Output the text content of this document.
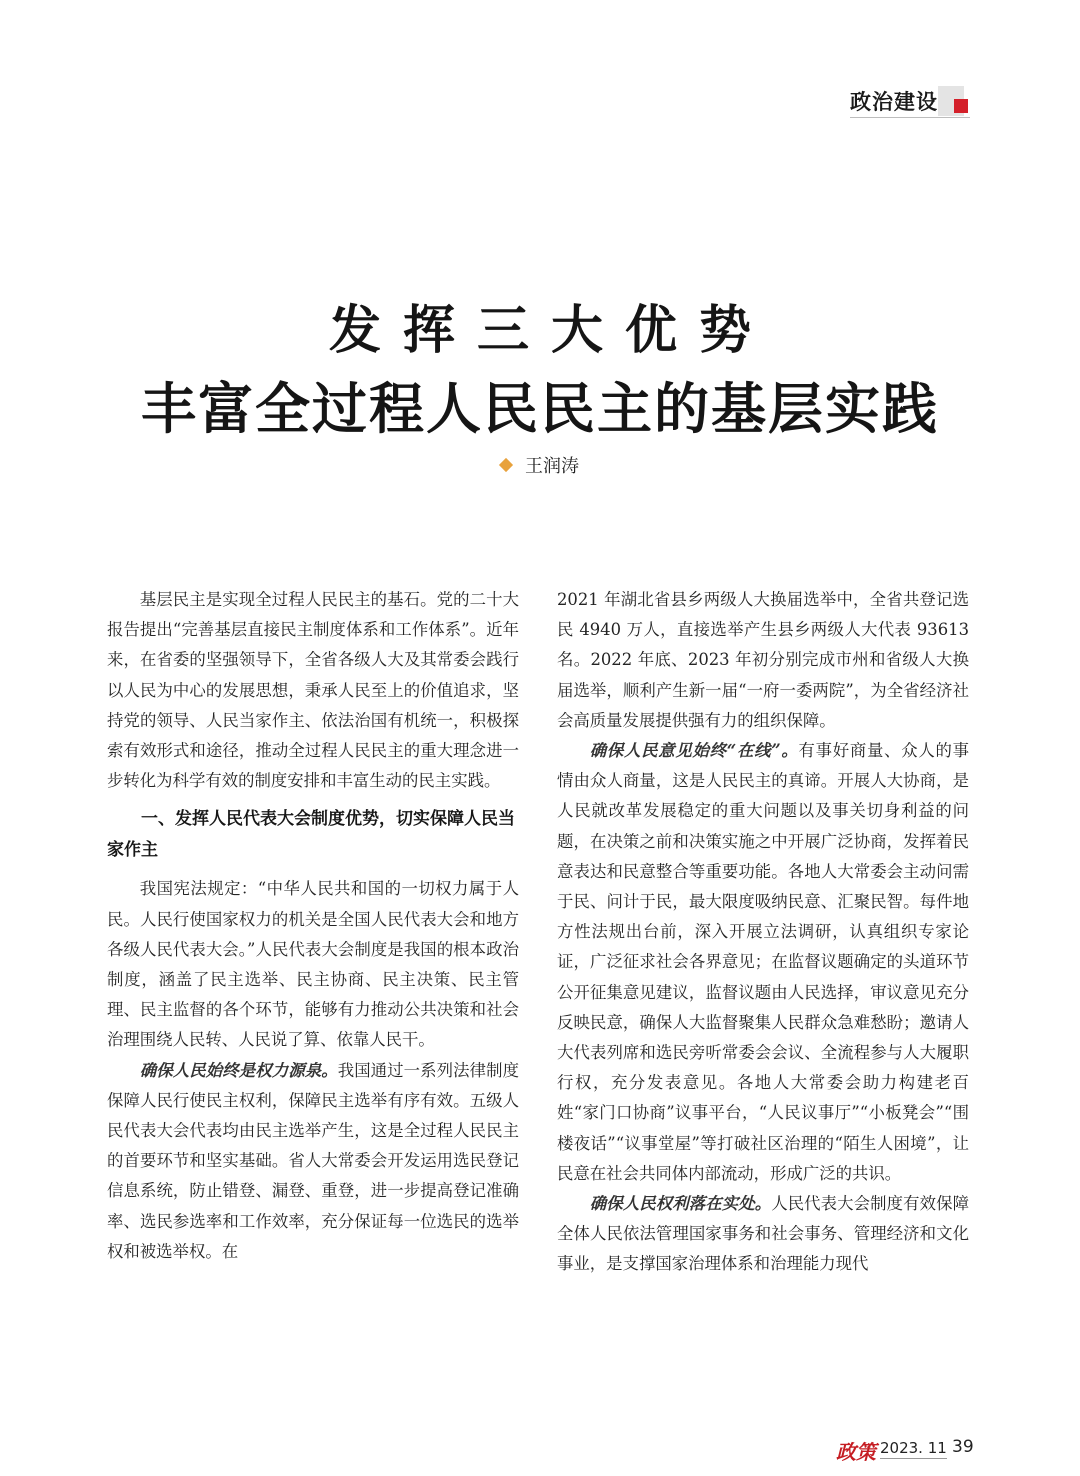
政治建设
发挥三大优势
丰富全过程人民民主的基层实践
王润涛

基层民主是实现全过程人民民主的基石。党的二十大报告提出“完善基层直接民主制度体系和工作体系”。近年来，在省委的坚强领导下，全省各级人大及其常委会践行以人民为中心的发展思想，秉承人民至上的价值追求，坚持党的领导、人民当家作主、依法治国有机统一，积极探索有效形式和途径，推动全过程人民民主的重大理念进一步转化为科学有效的制度安排和丰富生动的民主实践。

一、发挥人民代表大会制度优势，切实保障人民当家作主

我国宪法规定：“中华人民共和国的一切权力属于人民。人民行使国家权力的机关是全国人民代表大会和地方各级人民代表大会。”人民代表大会制度是我国的根本政治制度，涵盖了民主选举、民主协商、民主决策、民主管理、民主监督的各个环节，能够有力推动公共决策和社会治理围绕人民转、人民说了算、依靠人民干。

确保人民始终是权力源泉。我国通过一系列法律制度保障人民行使民主权利，保障民主选举有序有效。五级人民代表大会代表均由民主选举产生，这是全过程人民民主的首要环节和坚实基础。省人大常委会开发运用选民登记信息系统，防止错登、漏登、重登，进一步提高登记准确率、选民参选率和工作效率，充分保证每一位选民的选举权和被选举权。在

2021 年湖北省县乡两级人大换届选举中，全省共登记选民 4940 万人，直接选举产生县乡两级人大代表 93613 名。2022 年底、2023 年初分别完成市州和省级人大换届选举，顺利产生新一届“一府一委两院”，为全省经济社会高质量发展提供强有力的组织保障。

确保人民意见始终“在线”。有事好商量、众人的事情由众人商量，这是人民民主的真谛。开展人大协商，是人民就改革发展稳定的重大问题以及事关切身利益的问题，在决策之前和决策实施之中开展广泛协商，发挥着民意表达和民意整合等重要功能。各地人大常委会主动问需于民、问计于民，最大限度吸纳民意、汇聚民智。每件地方性法规出台前，深入开展立法调研，认真组织专家论证，广泛征求社会各界意见；在监督议题确定的头道环节公开征集意见建议，监督议题由人民选择，审议意见充分反映民意，确保人大监督聚集人民群众急难愁盼；邀请人大代表列席和选民旁听常委会会议、全流程参与人大履职行权，充分发表意见。各地人大常委会助力构建老百姓“家门口协商”议事平台，“人民议事厅”“小板凳会”“围楼夜话”“议事堂屋”等打破社区治理的“陌生人困境”，让民意在社会共同体内部流动，形成广泛的共识。

确保人民权利落在实处。人民代表大会制度有效保障全体人民依法管理国家事务和社会事务、管理经济和文化事业，是支撑国家治理体系和治理能力现代

政策 2023. 11 39
